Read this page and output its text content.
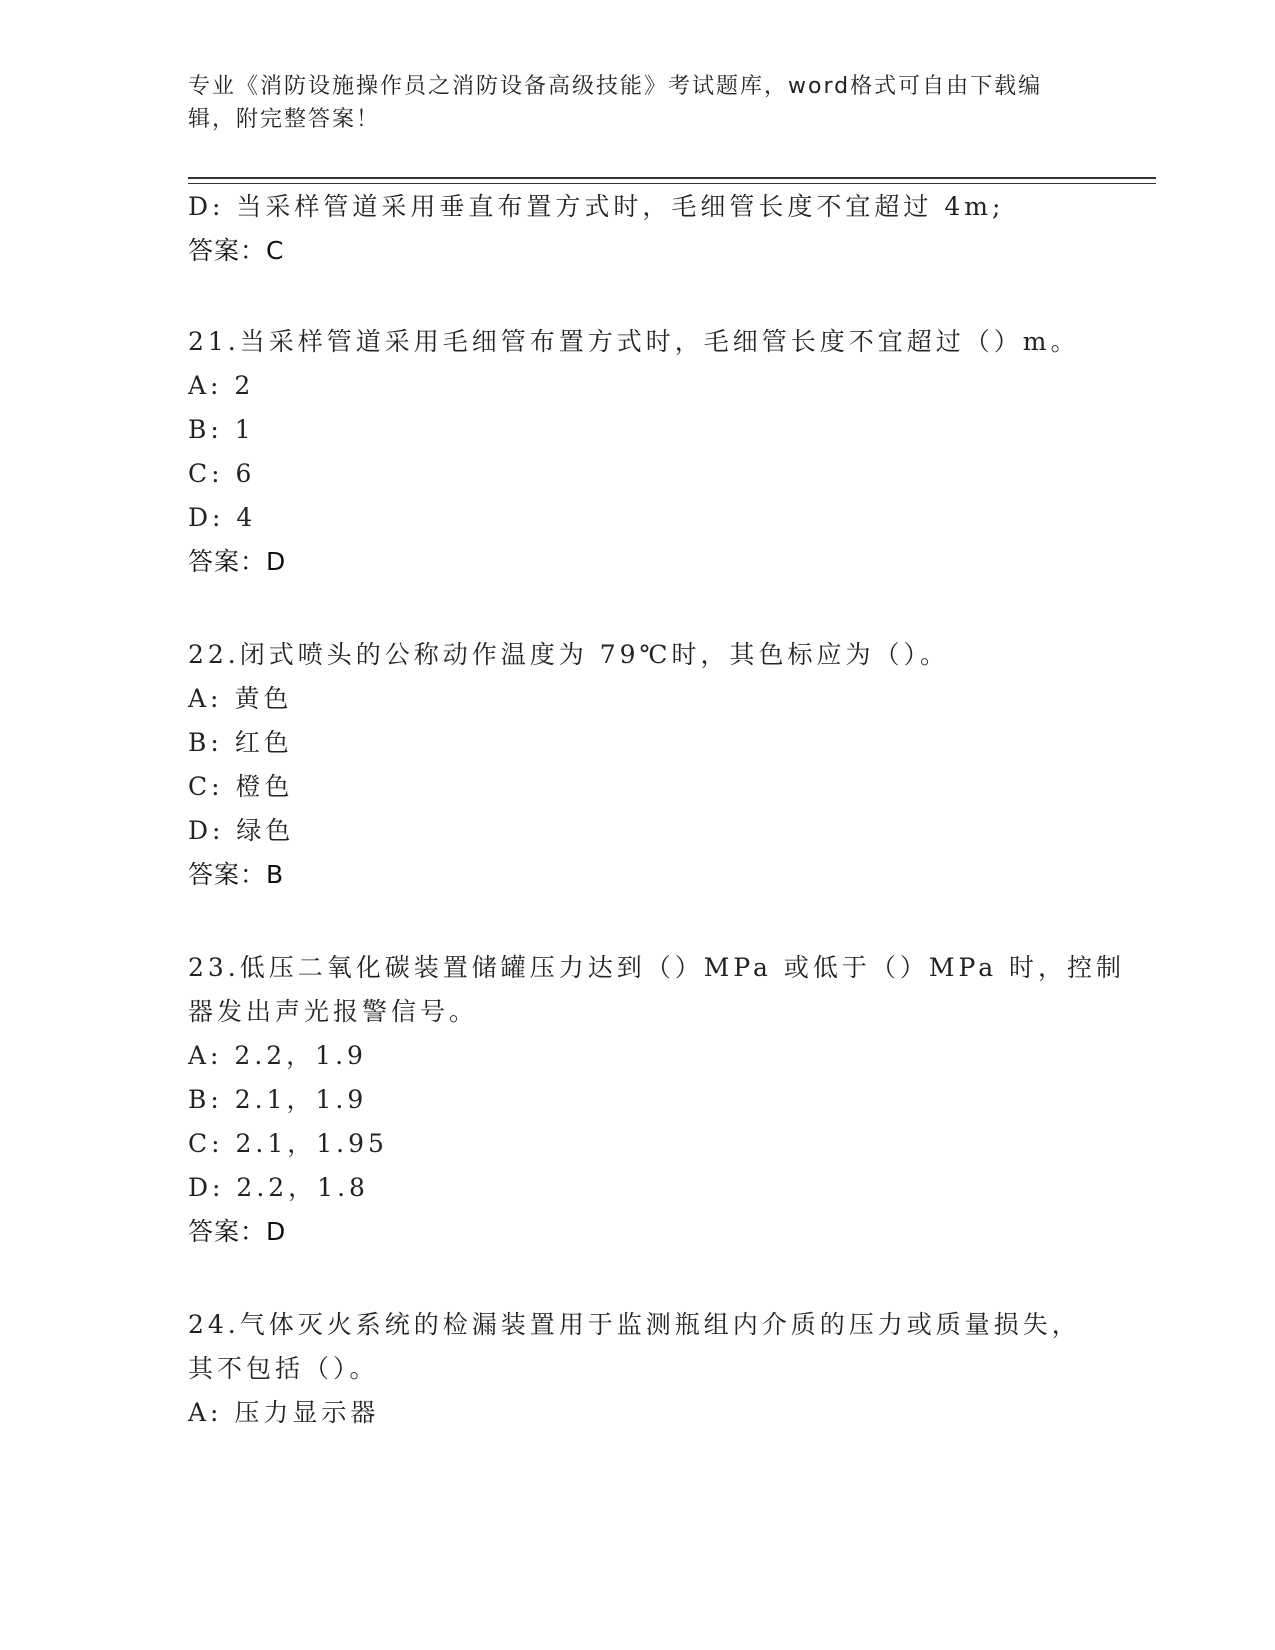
专业《消防设施操作员之消防设备高级技能》考试题库，word格式可自由下载编辑，附完整答案！
D: 当采样管道采用垂直布置方式时，毛细管长度不宜超过 4m;
答案：C
21.当采样管道采用毛细管布置方式时，毛细管长度不宜超过（）m。
A: 2
B: 1
C: 6
D: 4
答案：D
22.闭式喷头的公称动作温度为 79℃时，其色标应为（）。
A: 黄色
B: 红色
C: 橙色
D: 绿色
答案：B
23.低压二氧化碳装置储罐压力达到（）MPa 或低于（）MPa 时，控制
器发出声光报警信号。
A: 2.2，1.9
B: 2.1，1.9
C: 2.1，1.95
D: 2.2，1.8
答案：D
24.气体灭火系统的检漏装置用于监测瓶组内介质的压力或质量损失，
其不包括（）。
A: 压力显示器
